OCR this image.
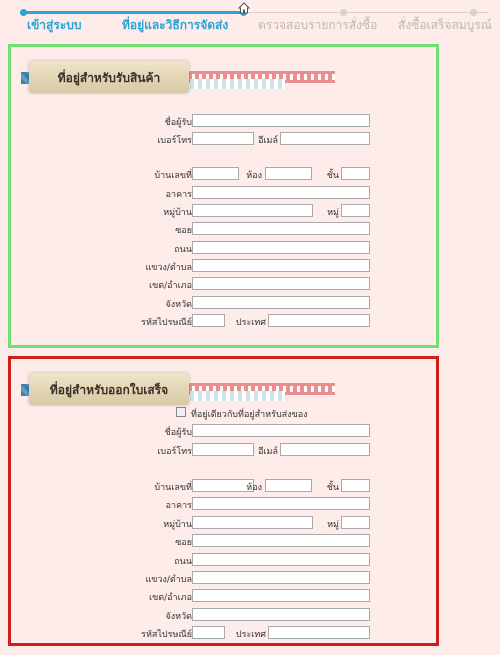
เข้าสู่ระบบ	ที่อยู่และวิธีการจัดส่ง ตรวจสอบรายการสั่งซื้อ สั่งซื้อเสร็จสมบูรณ์
ที่อยู่สำหรับรับสินค้า
ชื่อผู้รับ
เบอร์โทร	อีเมล์
บ้านเลขที่	ห้อง	ชั้น
อาคาร
หมู่บ้าน	หมู่
ซอย
ถนน
แขวง/ตำบล
เขต/อำเภอ
จังหวัด
รหัสไปรษณีย์	ประเทศ
ที่อยู่สำหรับออกใบเสร็จ
ที่อยู่เดียวกับที่อยู่สำหรับส่งของ
ชื่อผู้รับ
เบอร์โทร	อีเมล์
บ้านเลขที่	ห้อง	ชั้น
อาคาร
หมู่บ้าน	หมู่
ซอย
ถนน
แขวง/ตำบล
เขต/อำเภอ
จังหวัด
รหัสไปรษณีย์	ประเทศ
